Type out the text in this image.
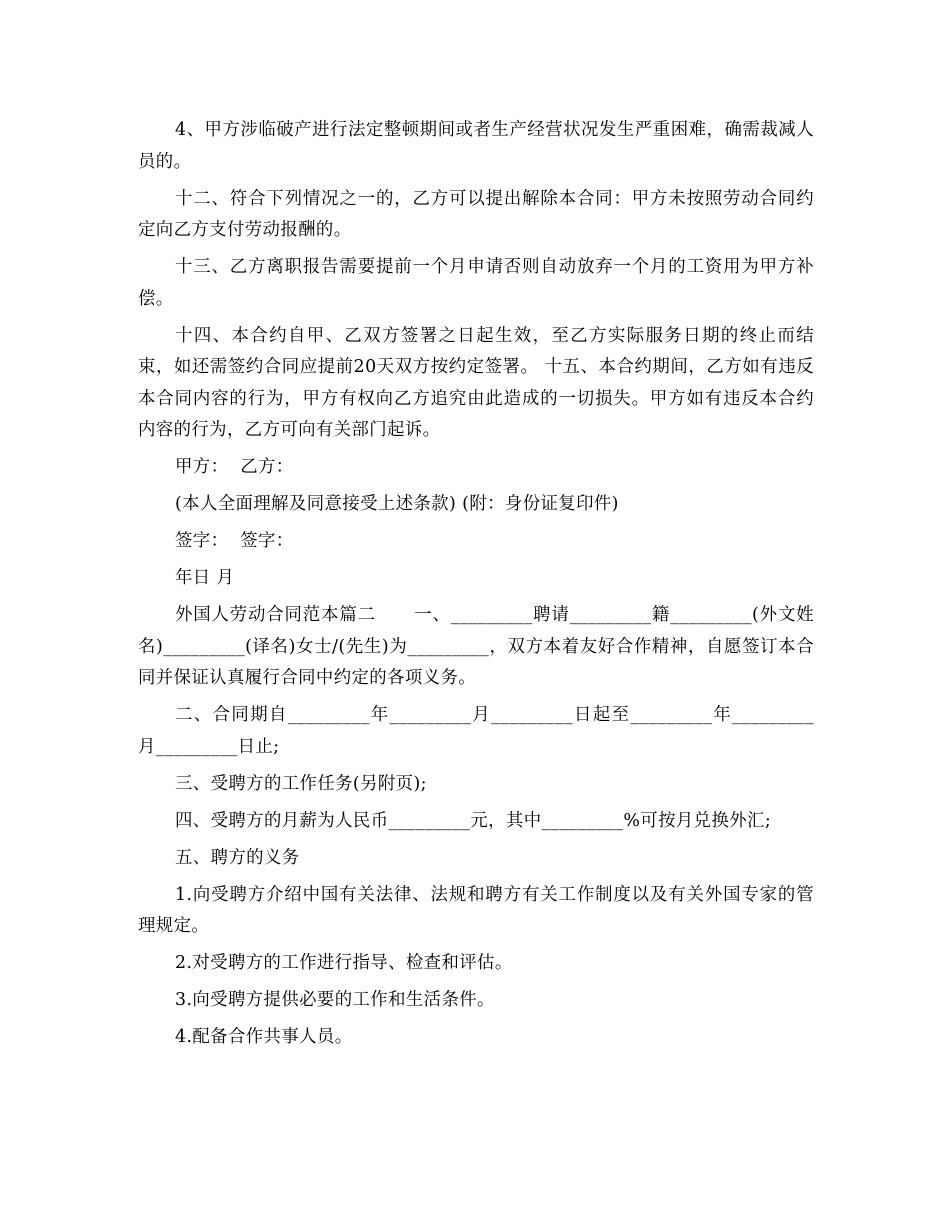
4、甲方涉临破产进行法定整顿期间或者生产经营状况发生严重困难，确需裁减人员的。

十二、符合下列情况之一的，乙方可以提出解除本合同：甲方未按照劳动合同约定向乙方支付劳动报酬的。

十三、乙方离职报告需要提前一个月申请否则自动放弃一个月的工资用为甲方补偿。

十四、本合约自甲、乙双方签署之日起生效，至乙方实际服务日期的终止而结束，如还需签约合同应提前20天双方按约定签署。 十五、本合约期间，乙方如有违反本合同内容的行为，甲方有权向乙方追究由此造成的一切损失。甲方如有违反本合约内容的行为，乙方可向有关部门起诉。

甲方：  乙方：

(本人全面理解及同意接受上述条款) (附：身份证复印件)

签字：  签字：

年日 月

外国人劳动合同范本篇二      一、_________聘请_________籍_________(外文姓名)_________(译名)女士/(先生)为_________，双方本着友好合作精神，自愿签订本合同并保证认真履行合同中约定的各项义务。

二、合同期自_________年_________月_________日起至_________年_________月_________日止;

三、受聘方的工作任务(另附页);

四、受聘方的月薪为人民币_________元，其中_________%可按月兑换外汇;

五、聘方的义务

1.向受聘方介绍中国有关法律、法规和聘方有关工作制度以及有关外国专家的管理规定。

2.对受聘方的工作进行指导、检查和评估。

3.向受聘方提供必要的工作和生活条件。

4.配备合作共事人员。
